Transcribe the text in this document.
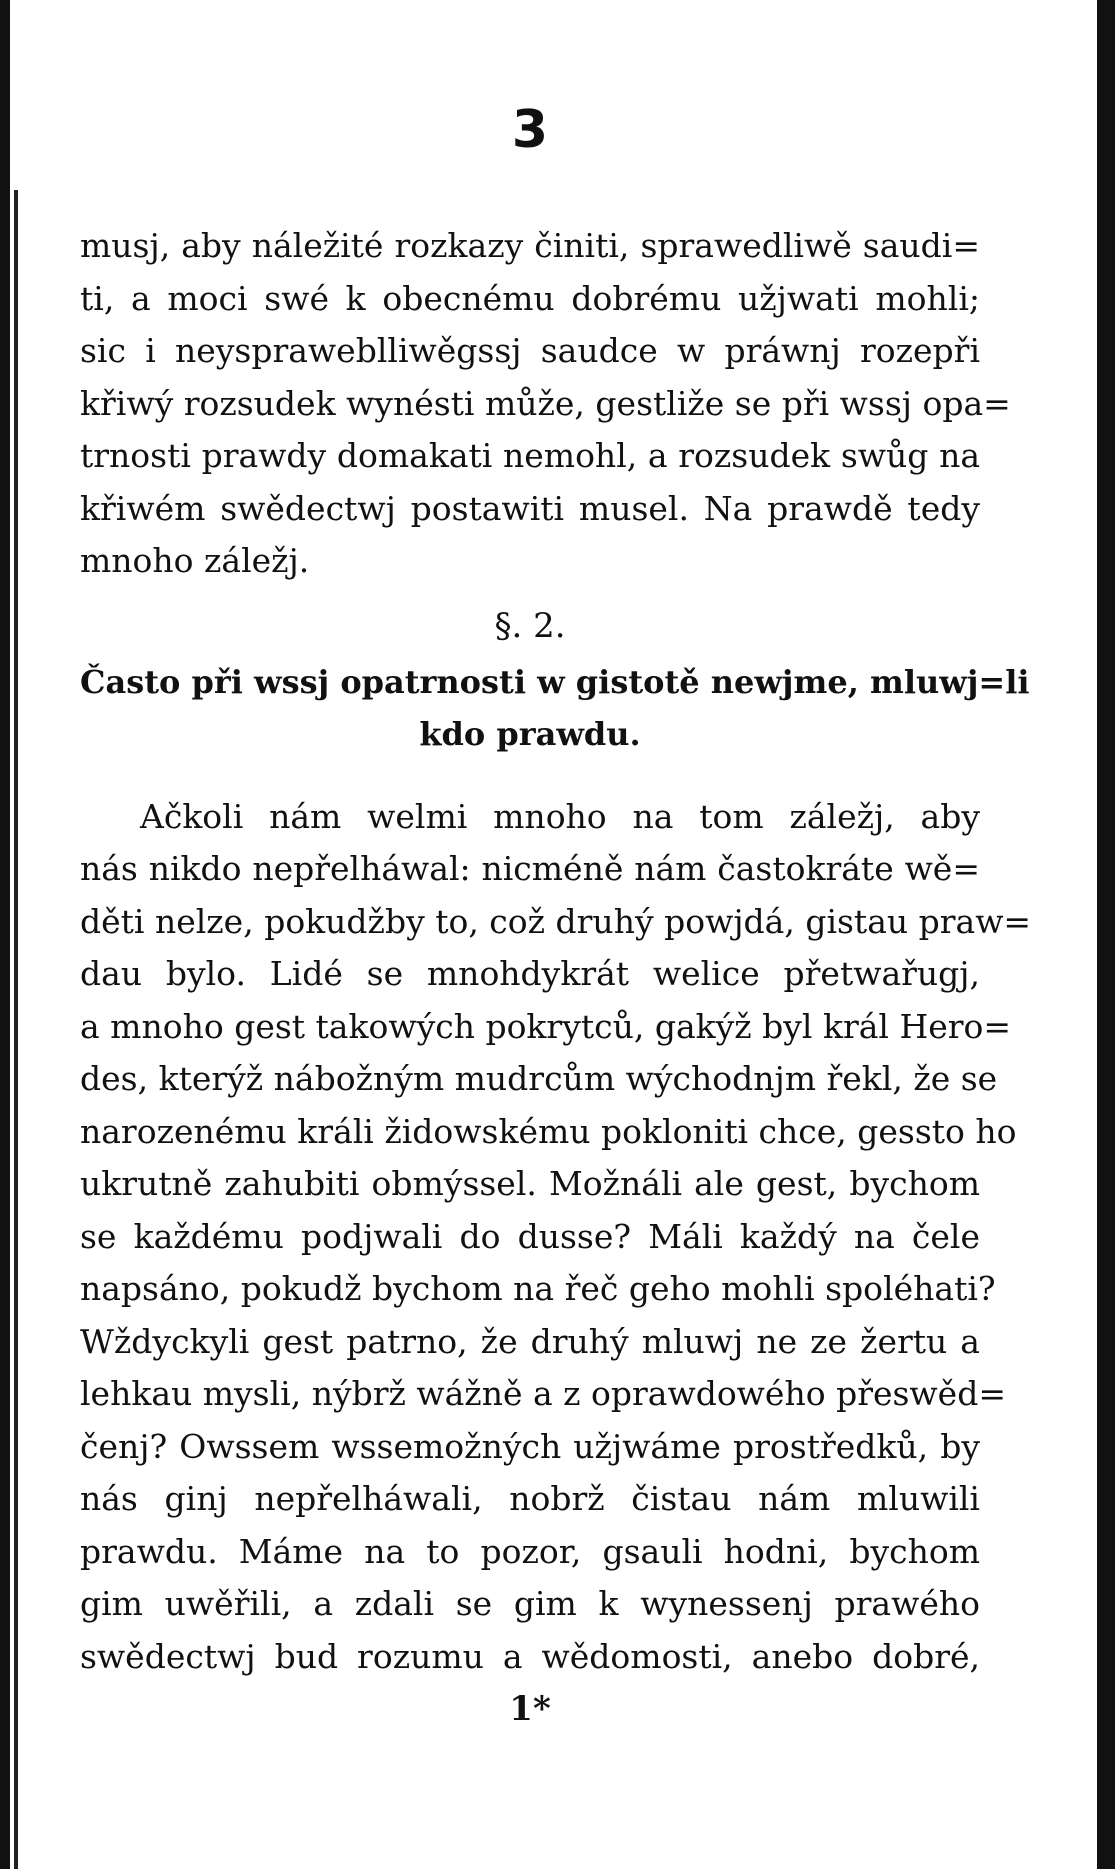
3
musj, aby náležité rozkazy činiti, sprawedliwě saudi=
ti, a moci swé k obecnému dobrému užjwati mohli;
sic i neyspraweblliwěgssj saudce w práwnj rozepři
křiwý rozsudek wynésti může, gestliže se při wssj opa=
trnosti prawdy domakati nemohl, a rozsudek swůg na
křiwém swědectwj postawiti musel. Na prawdě tedy
mnoho záležj.
§. 2.
Často při wssj opatrnosti w gistotě newjme, mluwj=li
kdo prawdu.
Ačkoli nám welmi mnoho na tom záležj, aby
nás nikdo nepřelháwal: nicméně nám častokráte wě=
děti nelze, pokudžby to, což druhý powjdá, gistau praw=
dau bylo. Lidé se mnohdykrát welice přetwařugj,
a mnoho gest takowých pokrytců, gakýž byl král Hero=
des, kterýž nábožným mudrcům wýchodnjm řekl, že se
narozenému králi židowskému pokloniti chce, gessto ho
ukrutně zahubiti obmýssel. Možnáli ale gest, bychom
se každému podjwali do dusse? Máli každý na čele
napsáno, pokudž bychom na řeč geho mohli spoléhati?
Wždyckyli gest patrno, že druhý mluwj ne ze žertu a
lehkau mysli, nýbrž wážně a z oprawdowého přeswěd=
čenj? Owssem wssemožných užjwáme prostředků, by
nás ginj nepřelháwali, nobrž čistau nám mluwili
prawdu. Máme na to pozor, gsauli hodni, bychom
gim uwěřili, a zdali se gim k wynessenj prawého
swědectwj bud rozumu a wědomosti, anebo dobré,
1*
